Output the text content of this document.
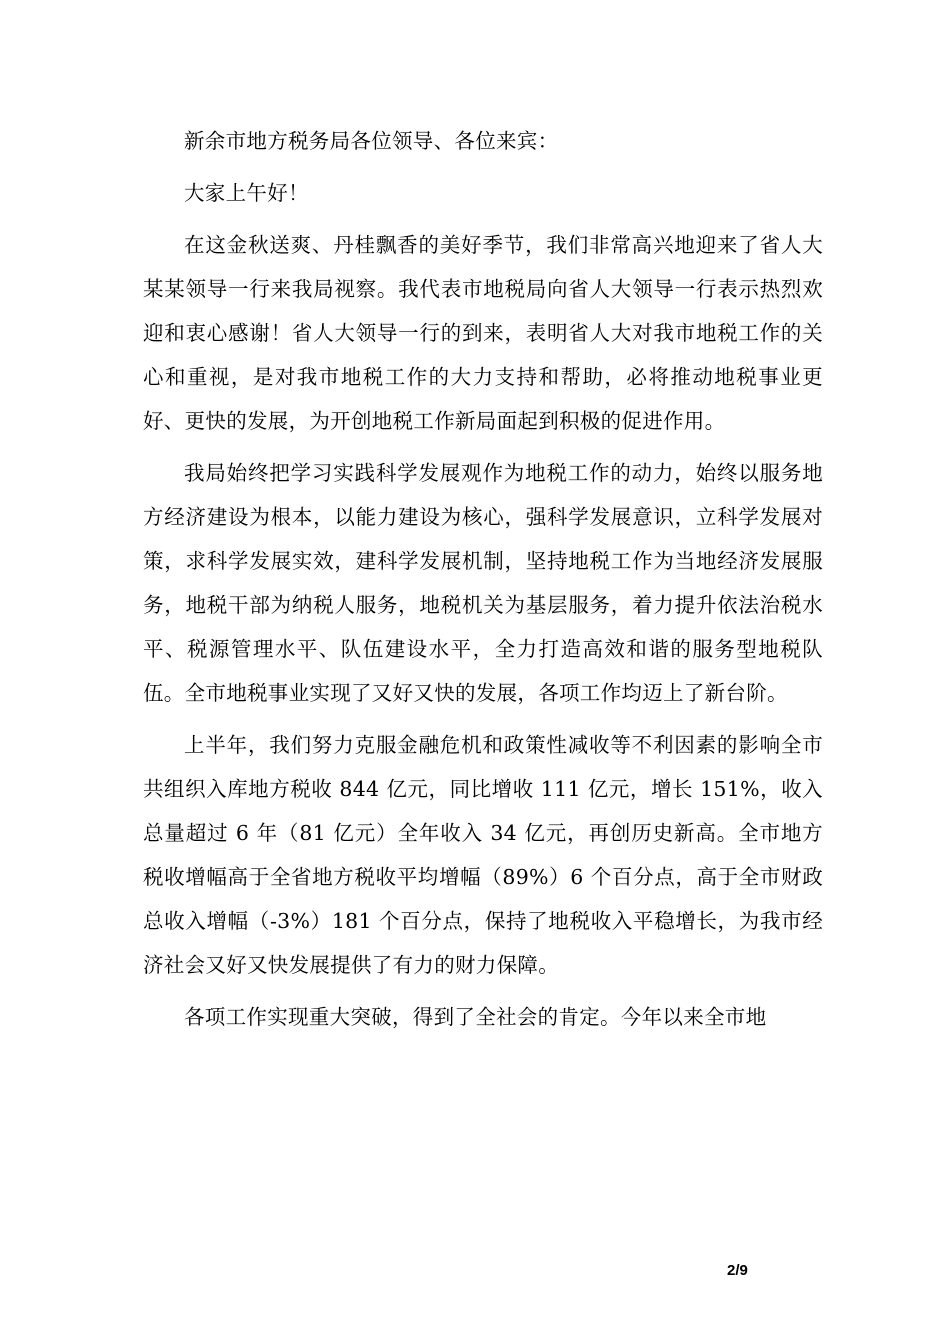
新余市地方税务局各位领导、各位来宾：

大家上午好！

在这金秋送爽、丹桂飘香的美好季节，我们非常高兴地迎来了省人大某某领导一行来我局视察。我代表市地税局向省人大领导一行表示热烈欢迎和衷心感谢！省人大领导一行的到来，表明省人大对我市地税工作的关心和重视，是对我市地税工作的大力支持和帮助，必将推动地税事业更好、更快的发展，为开创地税工作新局面起到积极的促进作用。

我局始终把学习实践科学发展观作为地税工作的动力，始终以服务地方经济建设为根本，以能力建设为核心，强科学发展意识，立科学发展对策，求科学发展实效，建科学发展机制，坚持地税工作为当地经济发展服务，地税干部为纳税人服务，地税机关为基层服务，着力提升依法治税水平、税源管理水平、队伍建设水平，全力打造高效和谐的服务型地税队伍。全市地税事业实现了又好又快的发展，各项工作均迈上了新台阶。

上半年，我们努力克服金融危机和政策性减收等不利因素的影响全市共组织入库地方税收 844 亿元，同比增收 111 亿元，增长 151%，收入总量超过 6 年（81 亿元）全年收入 34 亿元，再创历史新高。全市地方税收增幅高于全省地方税收平均增幅（89%）6 个百分点，高于全市财政总收入增幅（-3%）181 个百分点，保持了地税收入平稳增长，为我市经济社会又好又快发展提供了有力的财力保障。

各项工作实现重大突破，得到了全社会的肯定。今年以来全市地

2/9
